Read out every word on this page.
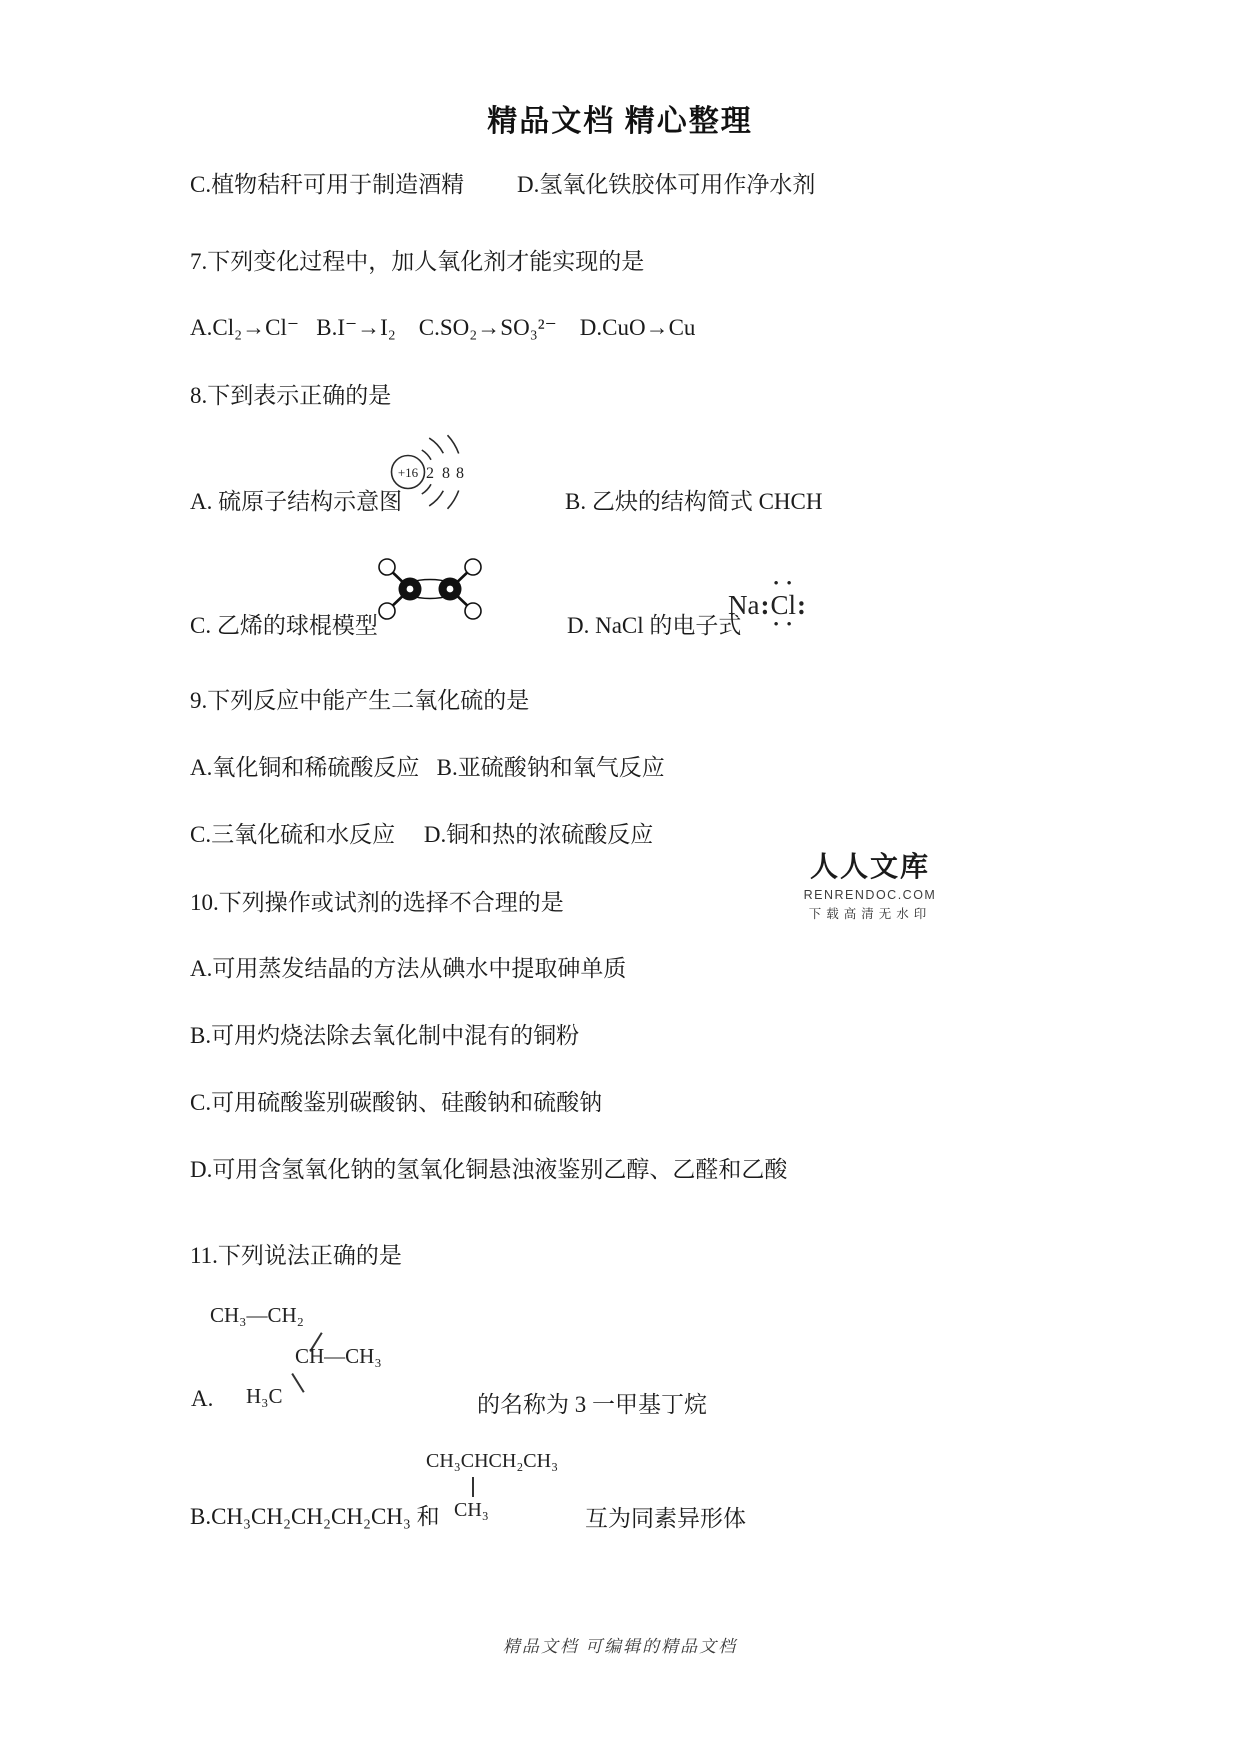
精品文档 精心整理
C.植物秸秆可用于制造酒精 D.氢氧化铁胶体可用作净水剂
7.下列变化过程中，加人氧化剂才能实现的是
A.Cl₂→Cl⁻   B.I⁻→I₂    C.SO₂→SO₃²⁻    D.CuO→Cu
8.下到表示正确的是
+16 2 8 8
A. 硫原子结构示意图	B. 乙炔的结构简式 CHCH
C. 乙烯的球棍模型	D. NaCl 的电子式
Na :
• •
Cl
• •
:
9.下列反应中能产生二氧化硫的是
A.氧化铜和稀硫酸反应   B.亚硫酸钠和氧气反应
C.三氧化硫和水反应     D.铜和热的浓硫酸反应
人人文库
RENRENDOC.COM
下载高清无水印
10.下列操作或试剂的选择不合理的是
A.可用蒸发结晶的方法从碘水中提取砷单质
B.可用灼烧法除去氧化制中混有的铜粉
C.可用硫酸鉴别碳酸钠、硅酸钠和硫酸钠
D.可用含氢氧化钠的氢氧化铜悬浊液鉴别乙醇、乙醛和乙酸
11.下列说法正确的是
CH₃—CH₂
CH—CH₃
H₃C
A.	的名称为 3 一甲基丁烷
CH₃CHCH₂CH₃
CH₃
B.CH₃CH₂CH₂CH₂CH₃ 和	互为同素异形体
精品文档 可编辑的精品文档
